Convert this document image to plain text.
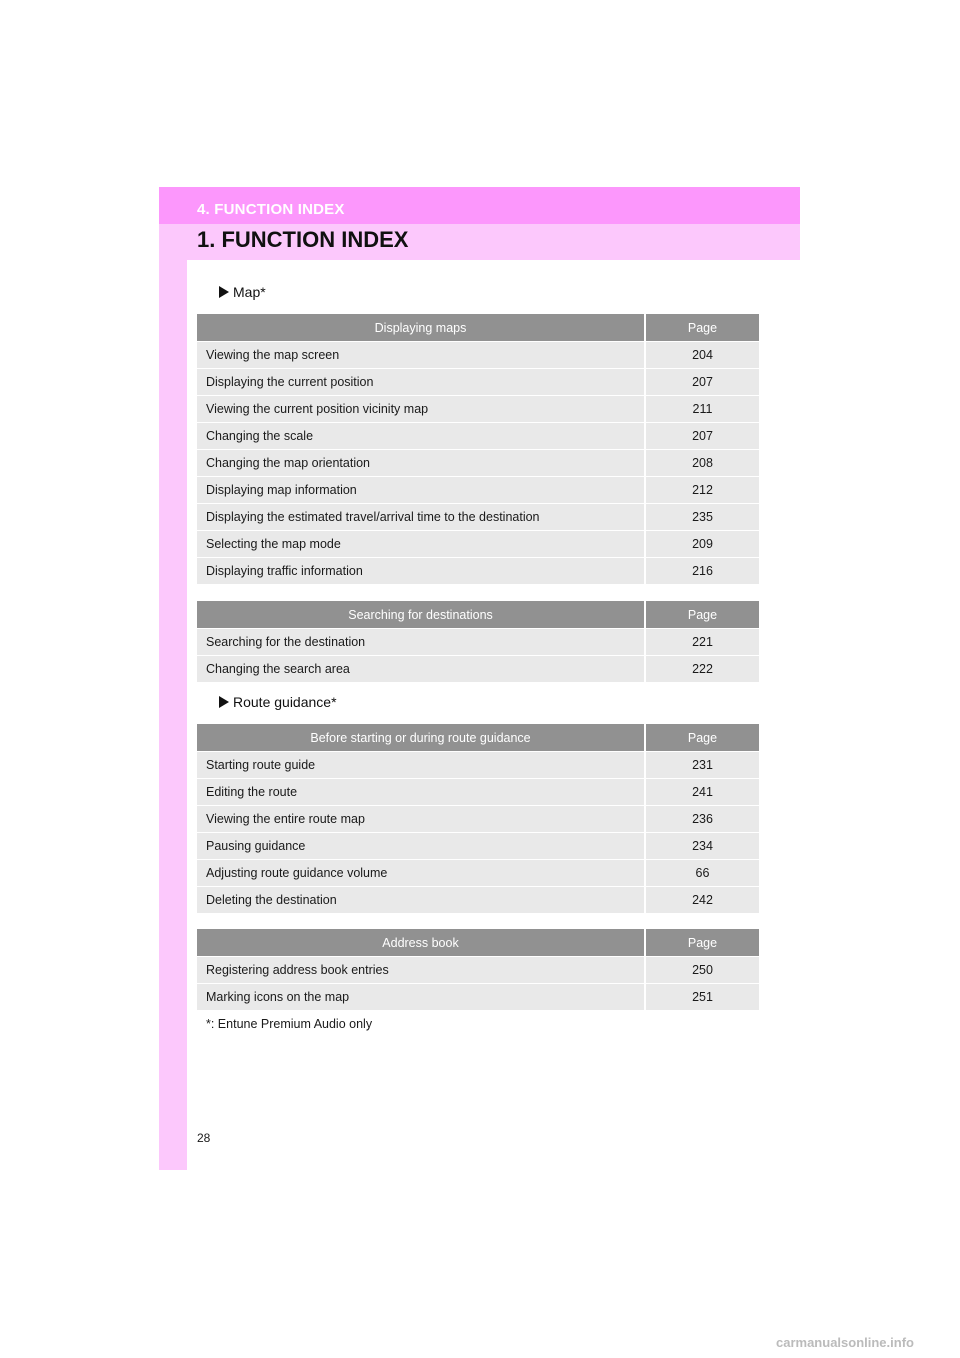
4. FUNCTION INDEX
1. FUNCTION INDEX
Map*
Displaying maps	Page
Viewing the map screen	204
Displaying the current position	207
Viewing the current position vicinity map	211
Changing the scale	207
Changing the map orientation	208
Displaying map information	212
Displaying the estimated travel/arrival time to the destination	235
Selecting the map mode	209
Displaying traffic information	216
Searching for destinations	Page
Searching for the destination	221
Changing the search area	222
Route guidance*
Before starting or during route guidance	Page
Starting route guide	231
Editing the route	241
Viewing the entire route map	236
Pausing guidance	234
Adjusting route guidance volume	66
Deleting the destination	242
Address book	Page
Registering address book entries	250
Marking icons on the map	251
*: Entune Premium Audio only
28
carmanualsonline.info
